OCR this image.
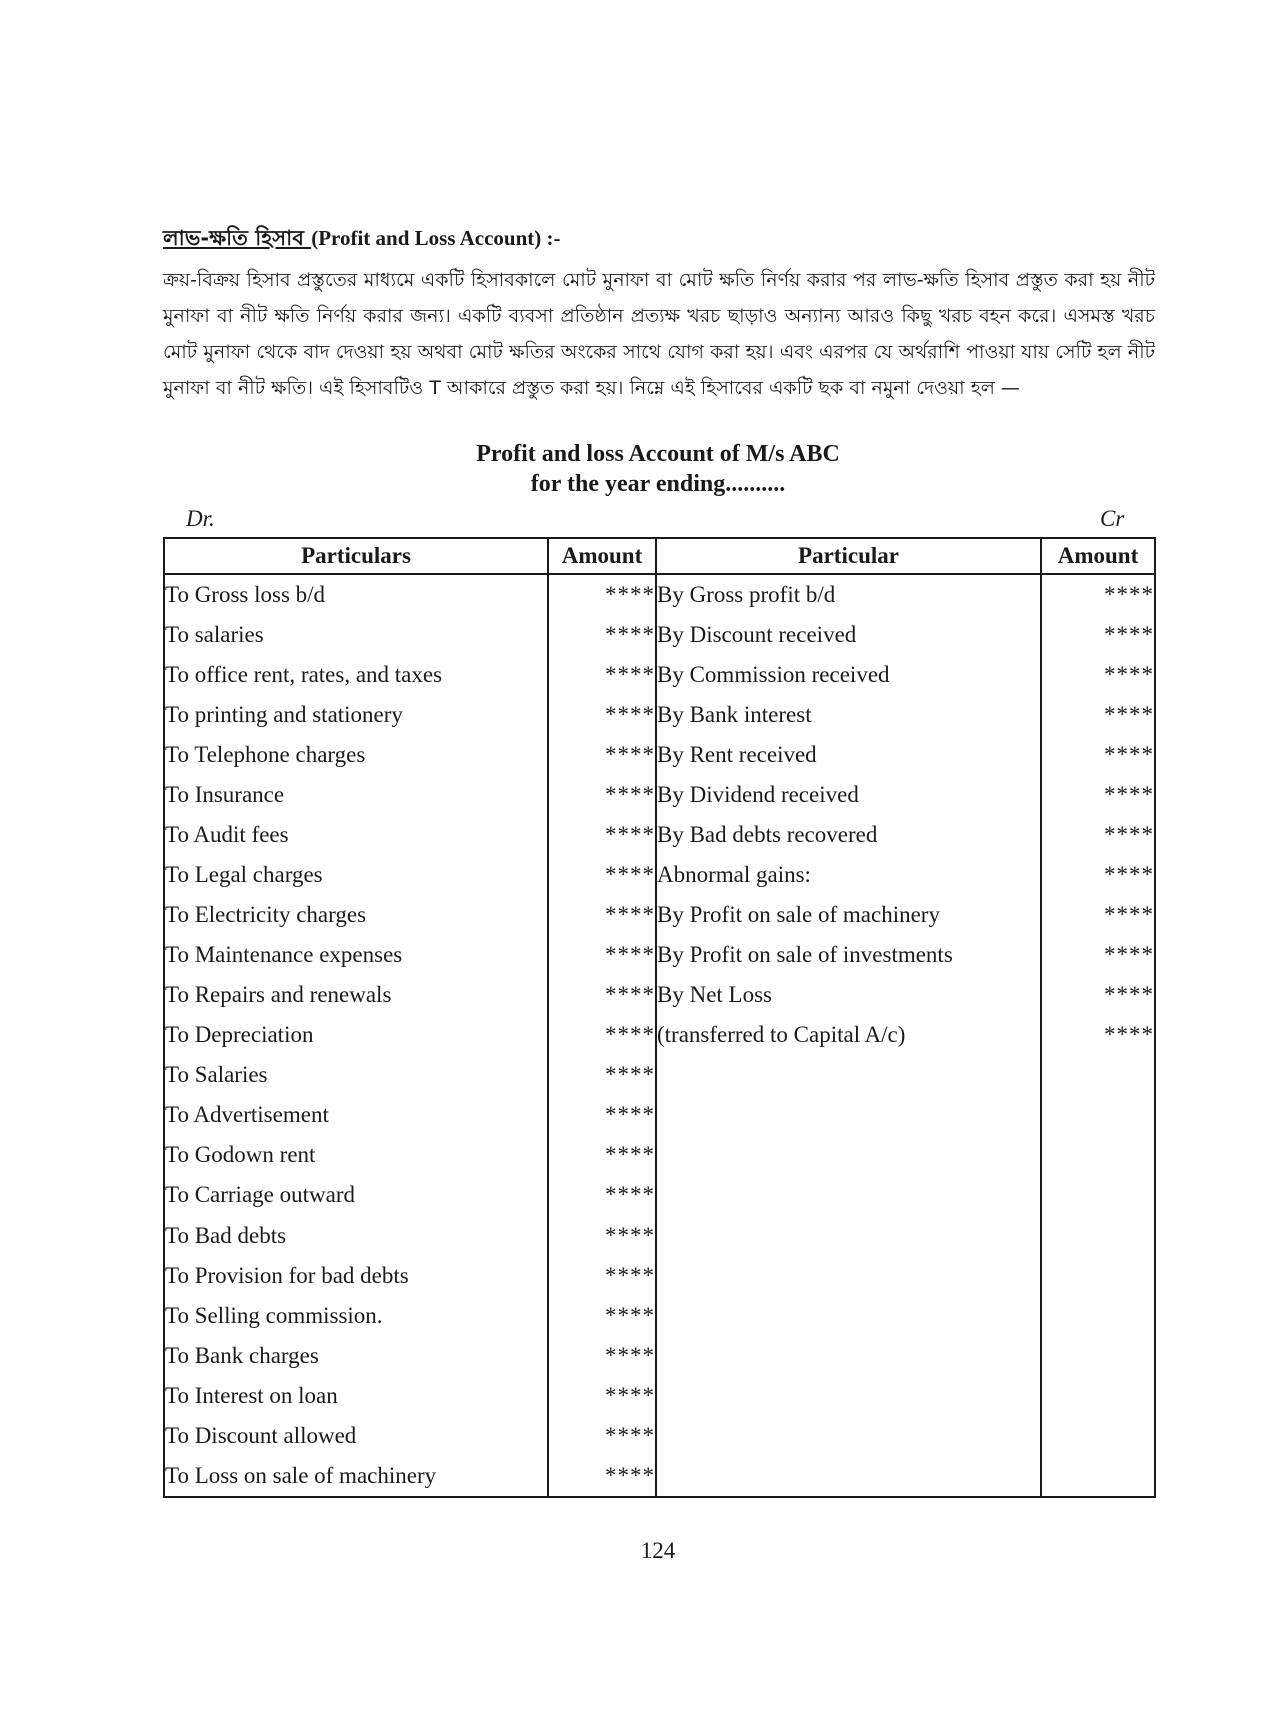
লাভ-ক্ষতি হিসাব (Profit and Loss Account) :-

ক্রয়-বিক্রয় হিসাব প্রস্তুতের মাধ্যমে একটি হিসাবকালে মোট মুনাফা বা মোট ক্ষতি নির্ণয় করার পর লাভ-ক্ষতি হিসাব প্রস্তুত করা হয় নীট মুনাফা বা নীট ক্ষতি নির্ণয় করার জন্য। একটি ব্যবসা প্রতিষ্ঠান প্রত্যক্ষ খরচ ছাড়াও অন্যান্য আরও কিছু খরচ বহন করে। এসমস্ত খরচ মোট মুনাফা থেকে বাদ দেওয়া হয় অথবা মোট ক্ষতির অংকের সাথে যোগ করা হয়। এবং এরপর যে অর্থরাশি পাওয়া যায় সেটি হল নীট মুনাফা বা নীট ক্ষতি। এই হিসাবটিও T আকারে প্রস্তুত করা হয়। নিম্নে এই হিসাবের একটি ছক বা নমুনা দেওয়া হল —

Profit and loss Account of M/s ABC

for the year ending..........

Dr.	Cr

Particulars	Amount	Particular	Amount
To Gross loss b/d	****	By Gross profit b/d	****
To salaries	****	By Discount received	****
To office rent, rates, and taxes	****	By Commission received	****
To printing and stationery	****	By Bank interest	****
To Telephone charges	****	By Rent received	****
To Insurance	****	By Dividend received	****
To Audit fees	****	By Bad debts recovered	****
To Legal charges	****	Abnormal gains:	****
To Electricity charges	****	By Profit on sale of machinery	****
To Maintenance expenses	****	By Profit on sale of investments	****
To Repairs and renewals	****	By Net Loss	****
To Depreciation	****	(transferred to Capital A/c)	****
To Salaries	****		
To Advertisement	****		
To Godown rent	****		
To Carriage outward	****		
To Bad debts	****		
To Provision for bad debts	****		
To Selling commission.	****		
To Bank charges	****		
To Interest on loan	****		
To Discount allowed	****		
To Loss on sale of machinery	****		

124
